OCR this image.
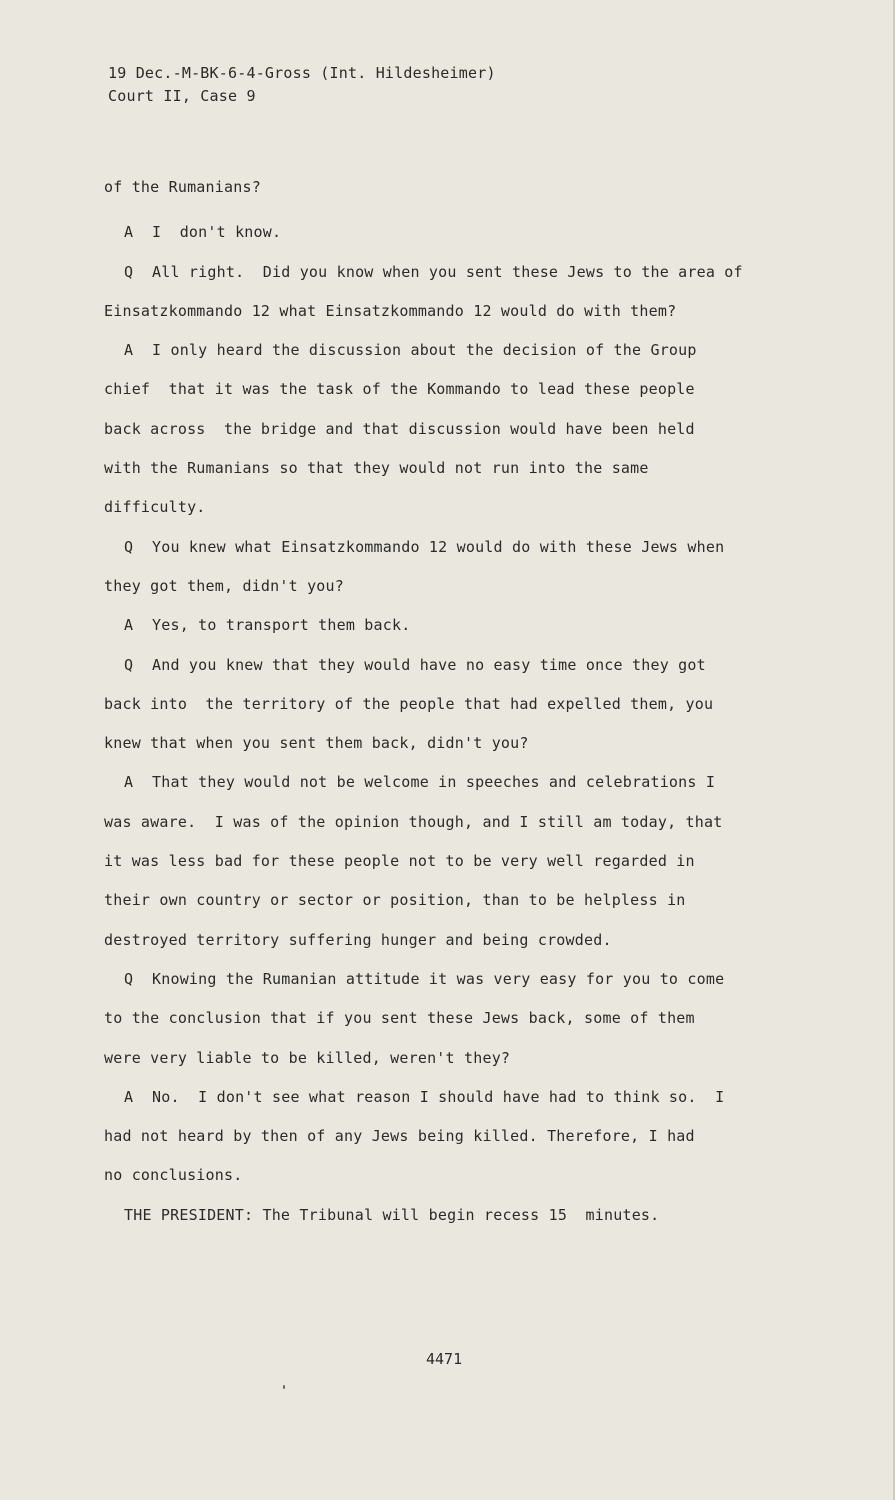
19 Dec.-M-BK-6-4-Gross (Int. Hildesheimer)
Court II, Case 9
of the Rumanians?
A I  don't know.
Q All right.  Did you know when you sent these Jews to the area of
Einsatzkommando 12 what Einsatzkommando 12 would do with them?
A I only heard the discussion about the decision of the Group
chief  that it was the task of the Kommando to lead these people
back across  the bridge and that discussion would have been held
with the Rumanians so that they would not run into the same
difficulty.
Q You knew what Einsatzkommando 12 would do with these Jews when
they got them, didn't you?
A Yes, to transport them back.
Q And you knew that they would have no easy time once they got
back into  the territory of the people that had expelled them, you
knew that when you sent them back, didn't you?
A That they would not be welcome in speeches and celebrations I
was aware.  I was of the opinion though, and I still am today, that
it was less bad for these people not to be very well regarded in
their own country or sector or position, than to be helpless in
destroyed territory suffering hunger and being crowded.
Q Knowing the Rumanian attitude it was very easy for you to come
to the conclusion that if you sent these Jews back, some of them
were very liable to be killed, weren't they?
A No.  I don't see what reason I should have had to think so.  I
had not heard by then of any Jews being killed. Therefore, I had
no conclusions.
THE PRESIDENT: The Tribunal will begin recess 15  minutes.
4471
